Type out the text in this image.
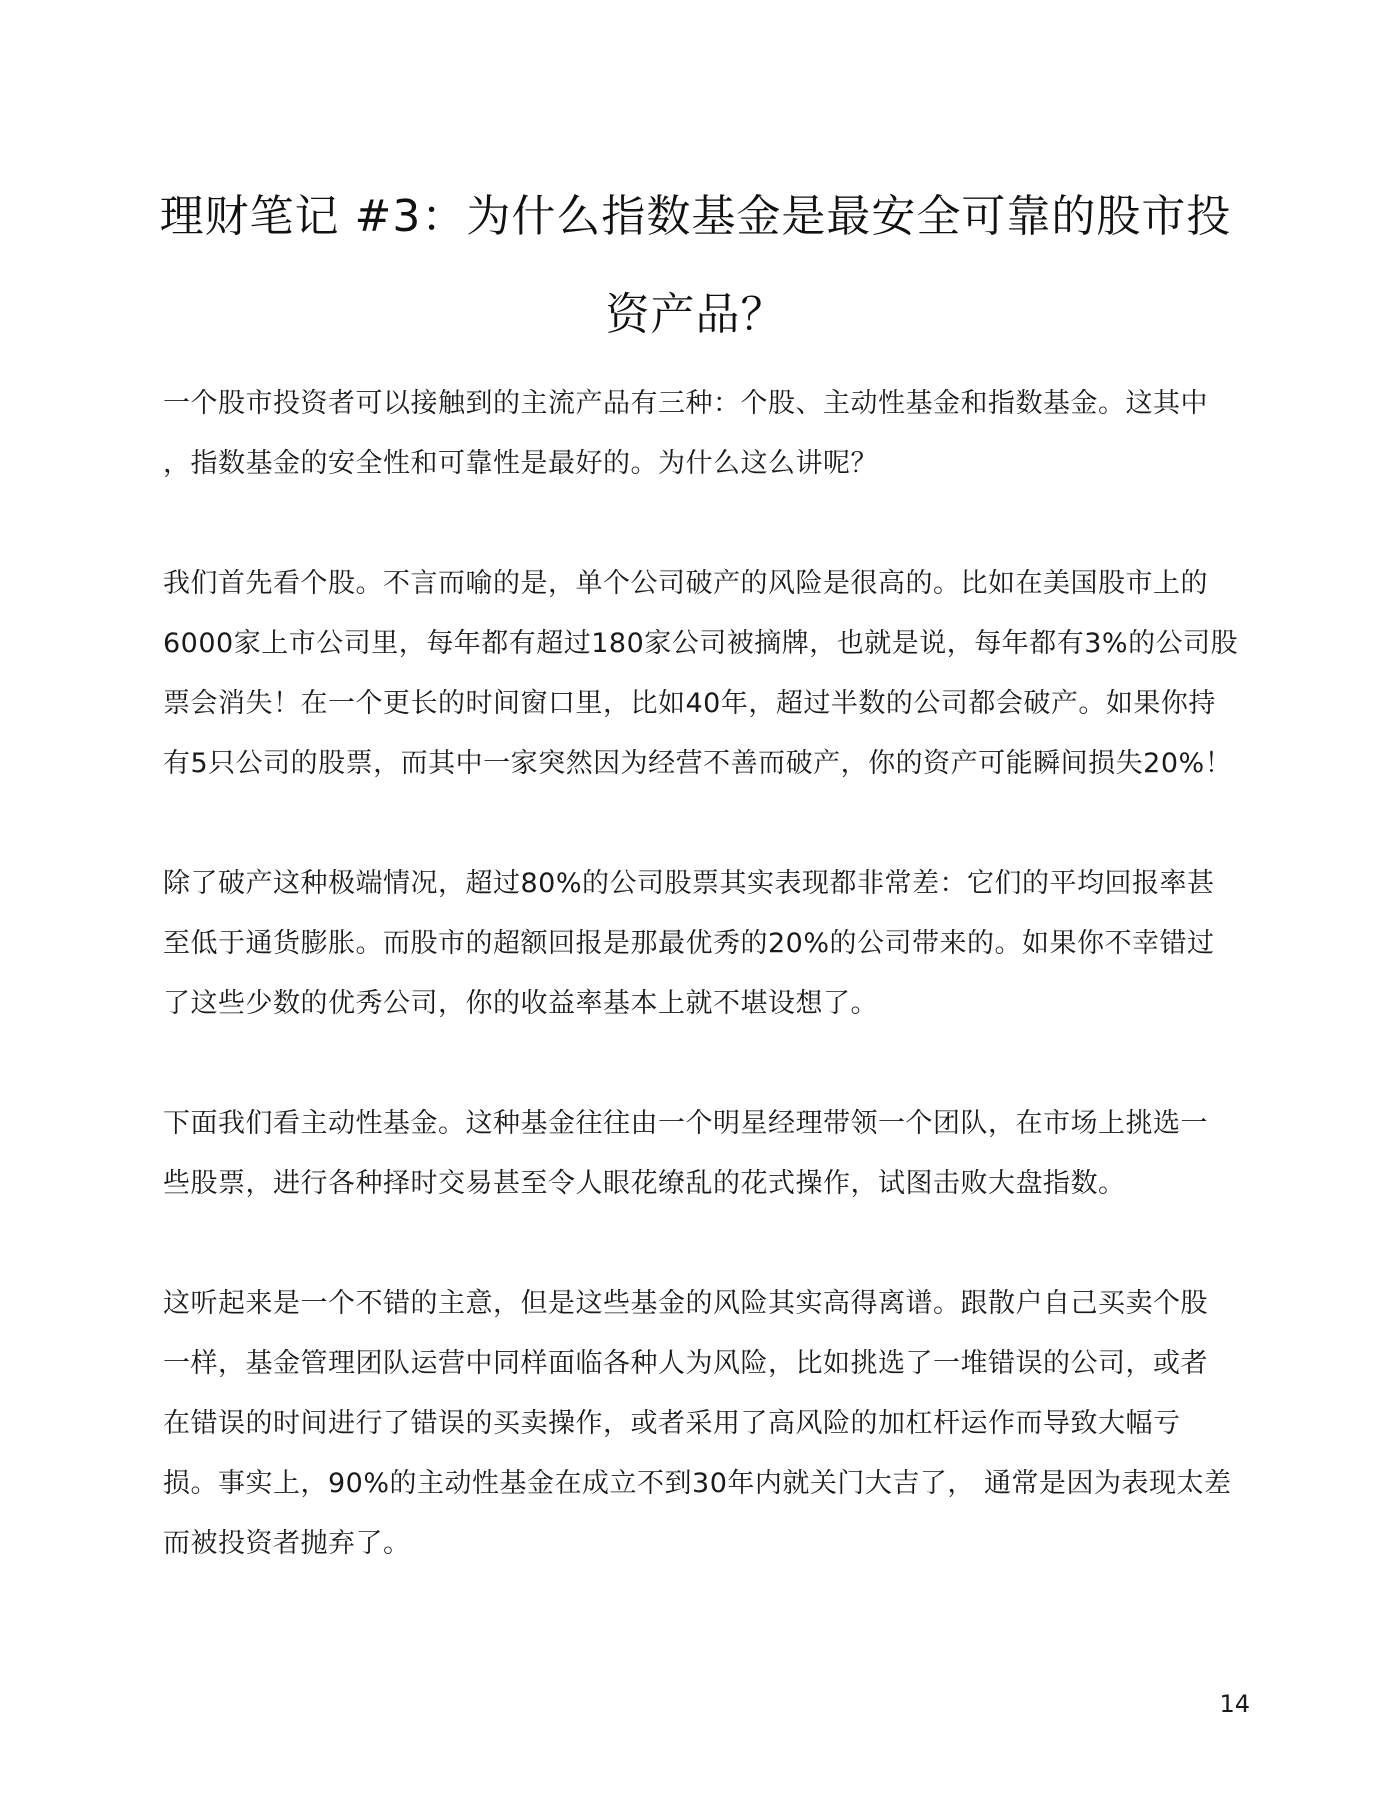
理财笔记 #3：为什么指数基金是最安全可靠的股市投
资产品？

一个股市投资者可以接触到的主流产品有三种：个股、主动性基金和指数基金。这其中
，指数基金的安全性和可靠性是最好的。为什么这么讲呢？

我们首先看个股。不言而喻的是，单个公司破产的风险是很高的。比如在美国股市上的
6000家上市公司里，每年都有超过180家公司被摘牌，也就是说，每年都有3%的公司股
票会消失！在一个更长的时间窗口里，比如40年，超过半数的公司都会破产。如果你持
有5只公司的股票，而其中一家突然因为经营不善而破产，你的资产可能瞬间损失20%！

除了破产这种极端情况，超过80%的公司股票其实表现都非常差：它们的平均回报率甚
至低于通货膨胀。而股市的超额回报是那最优秀的20%的公司带来的。如果你不幸错过
了这些少数的优秀公司，你的收益率基本上就不堪设想了。

下面我们看主动性基金。这种基金往往由一个明星经理带领一个团队，在市场上挑选一
些股票，进行各种择时交易甚至令人眼花缭乱的花式操作，试图击败大盘指数。

这听起来是一个不错的主意，但是这些基金的风险其实高得离谱。跟散户自己买卖个股
一样，基金管理团队运营中同样面临各种人为风险，比如挑选了一堆错误的公司，或者
在错误的时间进行了错误的买卖操作，或者采用了高风险的加杠杆运作而导致大幅亏
损。事实上，90%的主动性基金在成立不到30年内就关门大吉了， 通常是因为表现太差
而被投资者抛弃了。

14
